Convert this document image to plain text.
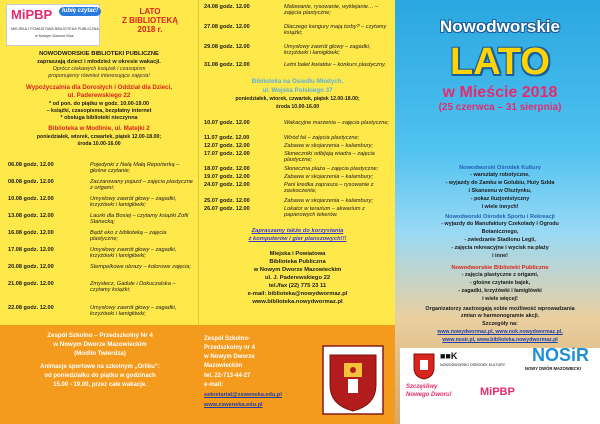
MiPBP	lubię czytać!
MIEJSKA I POWIATOWA BIBLIOTEKA PUBLICZNA
w Nowym Dworze Maz.
LATO
Z BIBLIOTEKĄ
2018 r.
NOWODWORSKIE BIBLIOTEKI PUBLICZNE
zapraszają dzieci i młodzież w okresie wakacji.
Oprócz ciekawych książek i czasopism
proponujemy również interesujące zajęcia!
Wypożyczalnia dla Dorosłych i Oddział dla Dzieci,
ul. Paderewskiego 22
* od pon. do piątku w godz. 10.00-19.00
– książki, czasopisma, bezpłatny internet
* obsługa biblioteki nieczynna
Biblioteka w Modlinie, ul. Matejki 2
poniedziałek, wtorek, czwartek, piątek 12.00-18.00;
środa 10.00-16.00
06.08 godz. 12.00	Pojedynki z Nelą Małą Reporterką – głośne czytanie;
08.08 godz. 12.00	Zaczarowany pojazd – zajęcia plastyczne z origami;
10.08 godz. 12.00	Umysłowy zawrót głowy – zagadki, krzyżówki i łamigłówki;
13.08 godz. 12.00	Laurki dla Bosiej – czytamy książki Zofii Stanecką;
16.08 godz. 12.00	Bądź eko z biblioteką – zajęcia plastyczne;
17.08 godz. 12.00	Umysłowy zawrót głowy – zagadki, krzyżówki i łamigłówki;
20.08 godz. 12.00	Stempelkowe obrazy – kolorowe zajęcia;
21.08 godz. 12.00	Zmysłecz, Gadułe i Dokuczalska – czytamy książki;
22.08 godz. 12.00	Umysłowy zawrót głowy – zagadki, krzyżówki i łamigłówki;
24.08 godz. 12.00	Malowanie, rysowanie, wyklejanie… – zajęcia plastyczne;
27.08 godz. 12.00	Dlaczego kangury mają torby? – czytamy książki;
29.08 godz. 12.00	Umysłowy zawrót głowy – zagadki, krzyżówki i łamigłówki;
31.08 godz. 12.00	Letni balet kwiatów – konkurs plastyczny.
Biblioteka na Osiedlu Młodych,
ul. Wojska Polskiego 37
poniedziałek, wtorek, czwartek, piątek 12.00-18.00;
środa 10.00-16.00
10.07 godz. 12.00	Wakacyjne marzenia – zajęcia plastyczne;
11.07 godz. 12.00	Wiród fal – zajęcia plastyczne;
12.07 godz. 12.00	Zabawa w skojarzenia – kalambury;
17.07 godz. 12.00	Słoneczniki odbijają wiadra – zajęcia plastyczne;
18.07 godz. 12.00	Słoneczna plaża – zajęcia plastyczne;
19.07 godz. 12.00	Zabawa w skojarzenia – kalambury;
24.07 godz. 12.00	Pani kredka zaprasza – rysowanie z zaskoczenia;
25.07 godz. 12.00	Zabawa w skojarzenia – kalambury;
26.07 godz. 12.00	Lokator w terarium – akwarium z papierowych tekerów.
Zapraszamy także do korzystania
z komputerów i gier planszowych!!!
Miejska i Powiatowa
Biblioteka Publiczna
w Nowym Dworze Mazowieckim
ul. J. Paderewskiego 22
tel./fax (22) 775 23 11
e-mail: biblioteka@nowydwormaz.pl
www.biblioteka.nowydwormaz.pl
Zespół Szkolno – Przedszkolny Nr 4
w Nowym Dworze Mazowieckim
(Modlin Twierdza)
Animacje sportowe na szkolnym „Orliku”:
od poniedziałku do piątku w godzinach
15.00 - 19.00, przez całe wakacje.
Zespół Szkolno-
Przedszkolny nr 4
w Nowym Dworze
Mazowieckim
tel. 22-713-44-27
e-mail:
sekretariat@zsweneka.edu.pl
www.zsweneka.edu.pl
Nowodworskie
LATO
w Mieście 2018
(25 czerwca – 31 sierpnia)
Nowodworski Ośrodek Kultury
- warsztaty robotyczne,
- wyjazdy do Zamku w Golubiu, Huty Szkła
i Skansenu w Olsztynku,
- pokaz iluzjonistyczny
i wiele innych!
Nowodworski Ośrodek Sportu i Rekreacji
- wyjazdy do Manufaktury Czekolady i Ogrodu
Botanicznego,
- zwiedzanie Stadionu Legii,
- zajęcia rekreacyjne i wycisk na plaży
i inne!
Nowodworskie Biblioteki Publiczne
- zajęcia plastyczne z origami,
- głośne czytanie bajek,
- zagadki, krzyżówki i łamigłówki
i wiele więcej!
Organizatorzy zastrzegają sobie możliwość wprowadzania
zmian w harmonogramie akcji.
Szczegóły na:
www.nowydwormaz.pl, www.nok.nowydwormaz.pl,
www.nosir.pl, www.biblioteka.nowydwormaz.pl
■■K
NOWODWORSKI OŚRODEK KULTURY NOSiR
NOWY DWÓR MAZOWIECKI
Szczęśliwy
Nowego Dworu!	MiPBP
